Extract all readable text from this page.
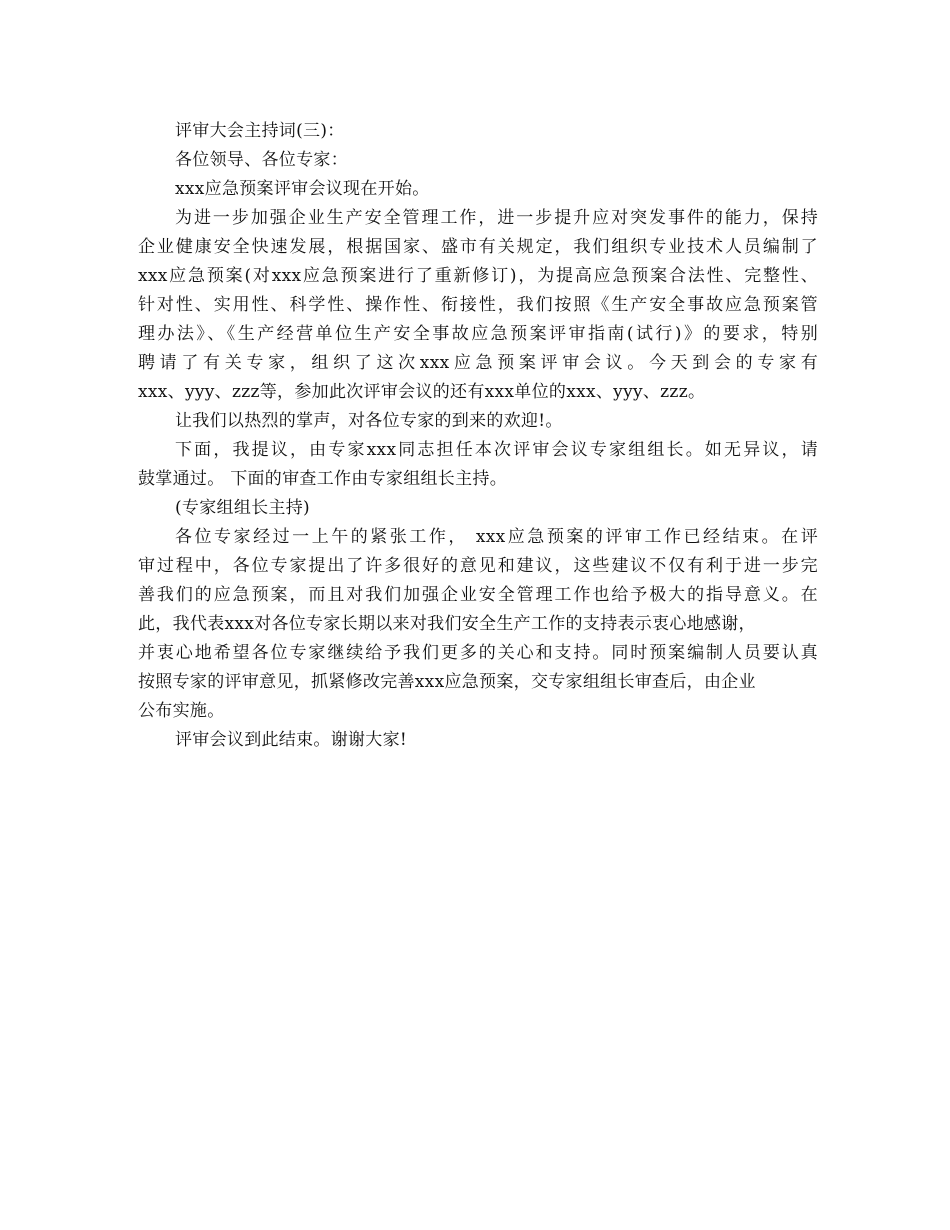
评审大会主持词(三)：
各位领导、各位专家：
xxx应急预案评审会议现在开始。
为进一步加强企业生产安全管理工作，进一步提升应对突发事件的能力，保持
企业健康安全快速发展，根据国家、盛市有关规定，我们组织专业技术人员编制了
xxx应急预案(对xxx应急预案进行了重新修订)，为提高应急预案合法性、完整性、
针对性、实用性、科学性、操作性、衔接性，我们按照《生产安全事故应急预案管
理办法》、《生产经营单位生产安全事故应急预案评审指南(试行)》的要求，特别
聘请了有关专家，组织了这次xxx应急预案评审会议。今天到会的专家有
xxx、yyy、zzz等，参加此次评审会议的还有xxx单位的xxx、yyy、zzz。
让我们以热烈的掌声，对各位专家的到来的欢迎!。
下面，我提议，由专家xxx同志担任本次评审会议专家组组长。如无异议，请
鼓掌通过。 下面的审查工作由专家组组长主持。
(专家组组长主持)
各位专家经过一上午的紧张工作， xxx应急预案的评审工作已经结束。在评
审过程中，各位专家提出了许多很好的意见和建议，这些建议不仅有利于进一步完
善我们的应急预案，而且对我们加强企业安全管理工作也给予极大的指导意义。在
此，我代表xxx对各位专家长期以来对我们安全生产工作的支持表示衷心地感谢，
并衷心地希望各位专家继续给予我们更多的关心和支持。同时预案编制人员要认真
按照专家的评审意见，抓紧修改完善xxx应急预案，交专家组组长审查后，由企业
公布实施。
评审会议到此结束。谢谢大家!
